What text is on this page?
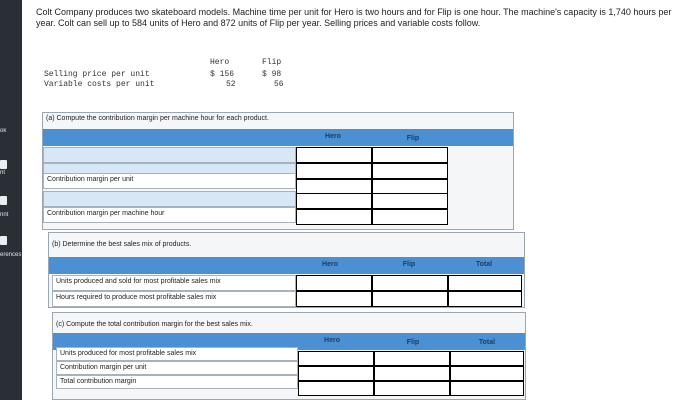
ok
nt
rint
erences
Colt Company produces two skateboard models. Machine time per unit for Hero is two hours and for Flip is one hour. The machine's capacity is 1,740 hours per year. Colt can sell up to 584 units of Hero and 872 units of Flip per year. Selling prices and variable costs follow.
Hero	Flip
Selling price per unit	$ 156	$ 98
Variable costs per unit	52	56
(a) Compute the contribution margin per machine hour for each product.
Hero	Flip
Contribution margin per unit
Contribution margin per machine hour
(b) Determine the best sales mix of products.
Hero	Flip	Total
Units produced and sold for most profitable sales mix
Hours required to produce most profitable sales mix
(c) Compute the total contribution margin for the best sales mix.
Hero	Flip	Total
Units produced for most profitable sales mix
Contribution margin per unit
Total contribution margin
